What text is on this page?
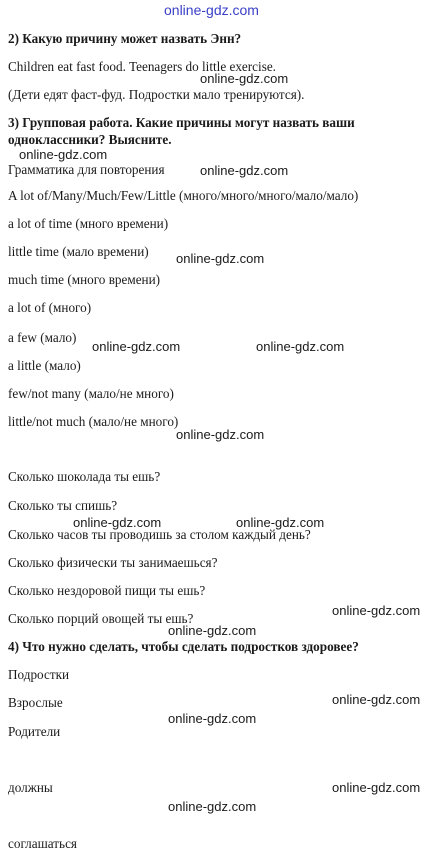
online-gdz.com
2) Какую причину может назвать Энн?
Children eat fast food. Teenagers do little exercise.
online-gdz.com
(Дети едят фаст-фуд. Подростки мало тренируются).
3) Групповая работа. Какие причины могут назвать ваши
одноклассники? Выясните.
online-gdz.com
Грамматика для повторения	online-gdz.com
A lot of/Many/Much/Few/Little (много/много/много/мало/мало)
a lot of time (много времени)
little time (мало времени) online-gdz.com
much time (много времени)
a lot of (много)
a few (мало)
online-gdz.com	online-gdz.com
a little (мало)
few/not many (мало/не много)
little/not much (мало/не много)
online-gdz.com
Сколько шоколада ты ешь?
Сколько ты спишь?
online-gdz.com	online-gdz.com
Сколько часов ты проводишь за столом каждый день?
Сколько физически ты занимаешься?
Сколько нездоровой пищи ты ешь?
online-gdz.com
Сколько порций овощей ты ешь?
online-gdz.com
4) Что нужно сделать, чтобы сделать подростков здоровее?
Подростки
online-gdz.com
Взрослые
online-gdz.com
Родители
online-gdz.com
должны
online-gdz.com
соглашаться
